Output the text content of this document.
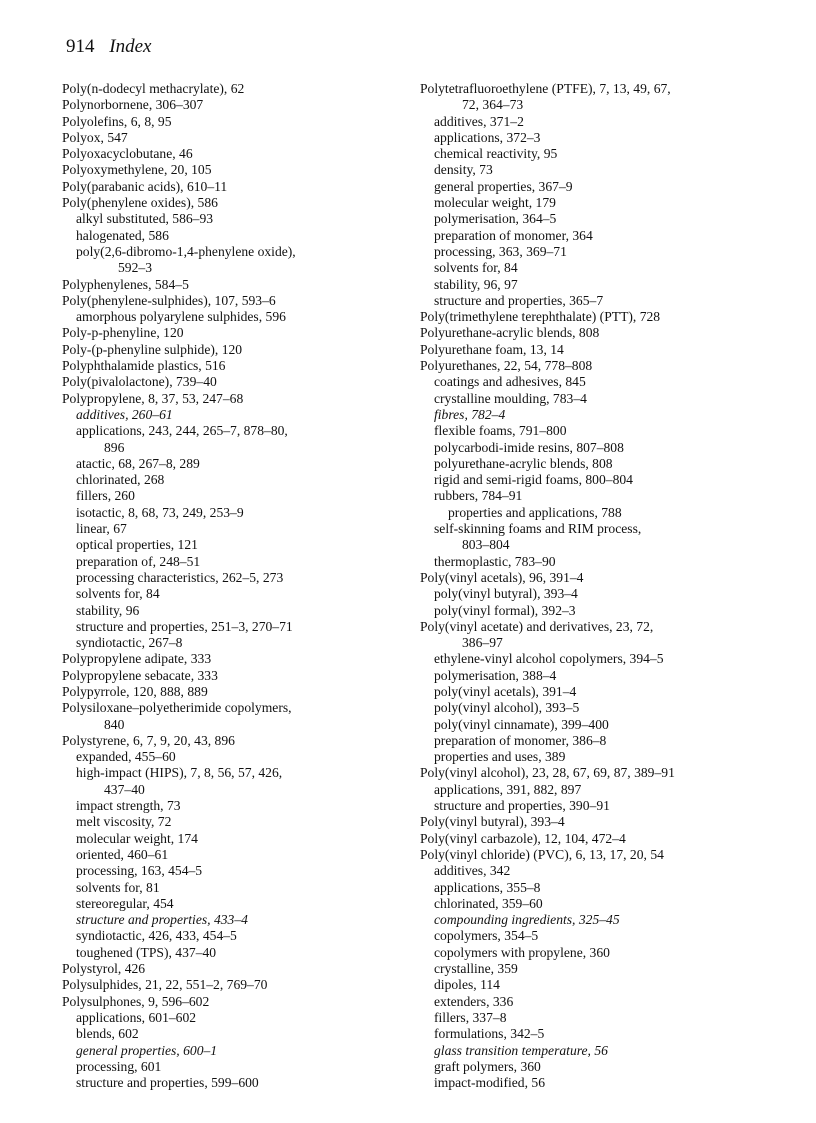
914 Index
Poly(n-dodecyl methacrylate), 62
Polynorbornene, 306–307
Polyolefins, 6, 8, 95
Polyox, 547
Polyoxacyclobutane, 46
Polyoxymethylene, 20, 105
Poly(parabanic acids), 610–11
Poly(phenylene oxides), 586
alkyl substituted, 586–93
halogenated, 586
poly(2,6-dibromo-1,4-phenylene oxide),
592–3
Polyphenylenes, 584–5
Poly(phenylene-sulphides), 107, 593–6
amorphous polyarylene sulphides, 596
Poly-p-phenyline, 120
Poly-(p-phenyline sulphide), 120
Polyphthalamide plastics, 516
Poly(pivalolactone), 739–40
Polypropylene, 8, 37, 53, 247–68
additives, 260–61
applications, 243, 244, 265–7, 878–80,
896
atactic, 68, 267–8, 289
chlorinated, 268
fillers, 260
isotactic, 8, 68, 73, 249, 253–9
linear, 67
optical properties, 121
preparation of, 248–51
processing characteristics, 262–5, 273
solvents for, 84
stability, 96
structure and properties, 251–3, 270–71
syndiotactic, 267–8
Polypropylene adipate, 333
Polypropylene sebacate, 333
Polypyrrole, 120, 888, 889
Polysiloxane–polyetherimide copolymers,
840
Polystyrene, 6, 7, 9, 20, 43, 896
expanded, 455–60
high-impact (HIPS), 7, 8, 56, 57, 426,
437–40
impact strength, 73
melt viscosity, 72
molecular weight, 174
oriented, 460–61
processing, 163, 454–5
solvents for, 81
stereoregular, 454
structure and properties, 433–4
syndiotactic, 426, 433, 454–5
toughened (TPS), 437–40
Polystyrol, 426
Polysulphides, 21, 22, 551–2, 769–70
Polysulphones, 9, 596–602
applications, 601–602
blends, 602
general properties, 600–1
processing, 601
structure and properties, 599–600
Polytetrafluoroethylene (PTFE), 7, 13, 49, 67,
72, 364–73
additives, 371–2
applications, 372–3
chemical reactivity, 95
density, 73
general properties, 367–9
molecular weight, 179
polymerisation, 364–5
preparation of monomer, 364
processing, 363, 369–71
solvents for, 84
stability, 96, 97
structure and properties, 365–7
Poly(trimethylene terephthalate) (PTT), 728
Polyurethane-acrylic blends, 808
Polyurethane foam, 13, 14
Polyurethanes, 22, 54, 778–808
coatings and adhesives, 845
crystalline moulding, 783–4
fibres, 782–4
flexible foams, 791–800
polycarbodi-imide resins, 807–808
polyurethane-acrylic blends, 808
rigid and semi-rigid foams, 800–804
rubbers, 784–91
properties and applications, 788
self-skinning foams and RIM process,
803–804
thermoplastic, 783–90
Poly(vinyl acetals), 96, 391–4
poly(vinyl butyral), 393–4
poly(vinyl formal), 392–3
Poly(vinyl acetate) and derivatives, 23, 72,
386–97
ethylene-vinyl alcohol copolymers, 394–5
polymerisation, 388–4
poly(vinyl acetals), 391–4
poly(vinyl alcohol), 393–5
poly(vinyl cinnamate), 399–400
preparation of monomer, 386–8
properties and uses, 389
Poly(vinyl alcohol), 23, 28, 67, 69, 87, 389–91
applications, 391, 882, 897
structure and properties, 390–91
Poly(vinyl butyral), 393–4
Poly(vinyl carbazole), 12, 104, 472–4
Poly(vinyl chloride) (PVC), 6, 13, 17, 20, 54
additives, 342
applications, 355–8
chlorinated, 359–60
compounding ingredients, 325–45
copolymers, 354–5
copolymers with propylene, 360
crystalline, 359
dipoles, 114
extenders, 336
fillers, 337–8
formulations, 342–5
glass transition temperature, 56
graft polymers, 360
impact-modified, 56
